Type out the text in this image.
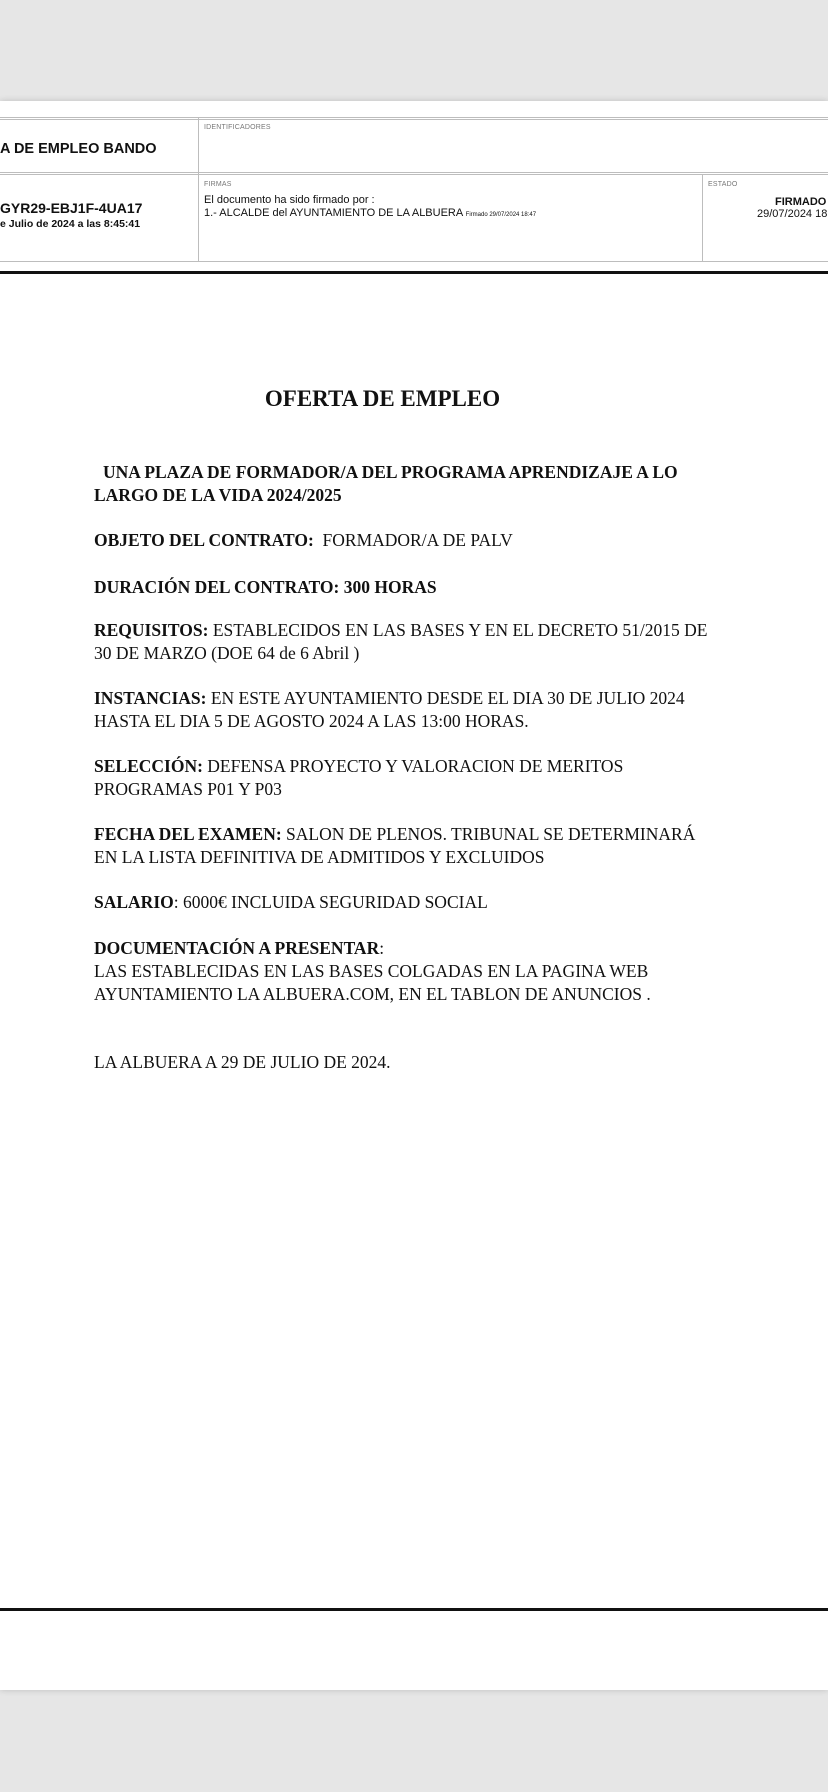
A DE EMPLEO BANDO
IDENTIFICADORES
GYR29-EBJ1F-4UA17
e Julio de 2024 a las 8:45:41
FIRMAS
El documento ha sido firmado por :
1.- ALCALDE del AYUNTAMIENTO DE LA ALBUERA Firmado 29/07/2024 18:47
ESTADO
FIRMADO
29/07/2024 18
OFERTA DE EMPLEO
UNA PLAZA DE FORMADOR/A DEL PROGRAMA APRENDIZAJE A LO
LARGO DE LA VIDA 2024/2025
OBJETO DEL CONTRATO: FORMADOR/A DE PALV
DURACIÓN DEL CONTRATO: 300 HORAS
REQUISITOS: ESTABLECIDOS EN LAS BASES Y EN EL DECRETO 51/2015 DE
30 DE MARZO (DOE 64 de 6 Abril )
INSTANCIAS: EN ESTE AYUNTAMIENTO DESDE EL DIA 30 DE JULIO 2024
HASTA EL DIA 5 DE AGOSTO 2024 A LAS 13:00 HORAS.
SELECCIÓN: DEFENSA PROYECTO Y VALORACION DE MERITOS
PROGRAMAS P01 Y P03
FECHA DEL EXAMEN: SALON DE PLENOS. TRIBUNAL SE DETERMINARÁ
EN LA LISTA DEFINITIVA DE ADMITIDOS Y EXCLUIDOS
SALARIO: 6000€ INCLUIDA SEGURIDAD SOCIAL
DOCUMENTACIÓN A PRESENTAR:
LAS ESTABLECIDAS EN LAS BASES COLGADAS EN LA PAGINA WEB
AYUNTAMIENTO LA ALBUERA.COM, EN EL TABLON DE ANUNCIOS .
LA ALBUERA A 29 DE JULIO DE 2024.
